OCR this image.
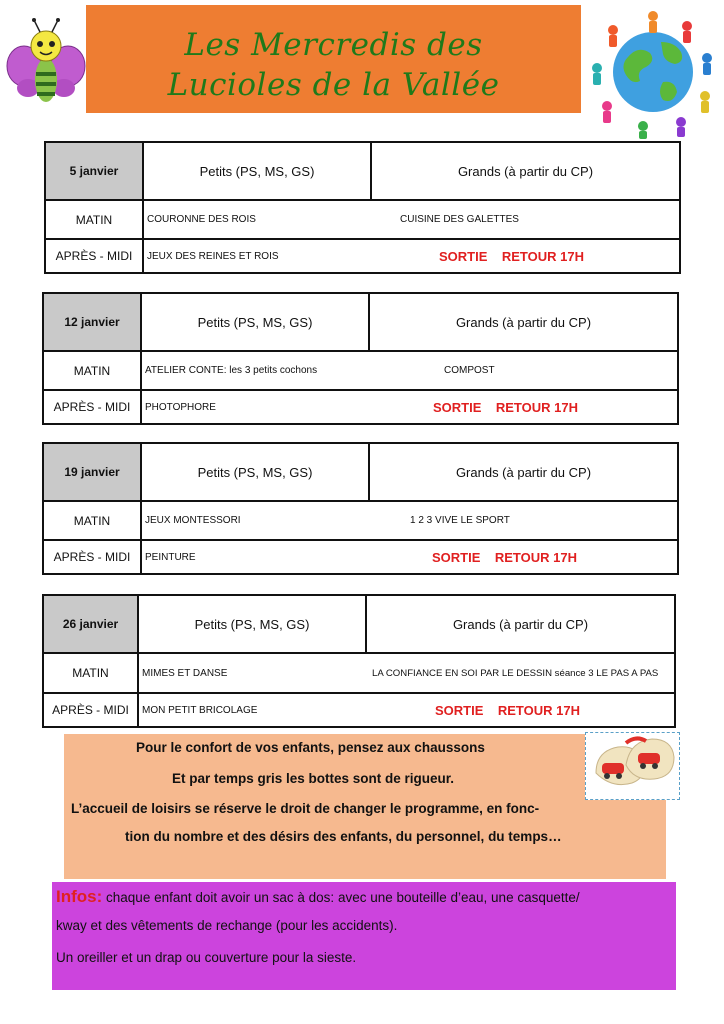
Les Mercredis des
Lucioles de la Vallée
5 janvier	Petits (PS, MS, GS)	Grands (à partir du CP)
MATIN	COURONNE DES ROIS	CUISINE DES GALETTES
APRÈS - MIDI	JEUX DES REINES ET ROIS	SORTIE    RETOUR 17H
12 janvier	Petits (PS, MS, GS)	Grands (à partir du CP)
MATIN	ATELIER CONTE: les 3 petits cochons	COMPOST
APRÈS - MIDI	PHOTOPHORE	SORTIE    RETOUR 17H
19 janvier	Petits (PS, MS, GS)	Grands (à partir du CP)
MATIN	JEUX MONTESSORI	1 2 3 VIVE LE SPORT
APRÈS - MIDI	PEINTURE	SORTIE    RETOUR 17H
26 janvier	Petits (PS, MS, GS)	Grands (à partir du CP)
MATIN	MIMES ET DANSE	LA CONFIANCE EN SOI PAR LE DESSIN séance 3 LE PAS A PAS
APRÈS - MIDI	MON PETIT BRICOLAGE	SORTIE    RETOUR 17H
Pour le confort de vos enfants, pensez aux chaussons
Et par temps gris les bottes sont de rigueur.
L’accueil de loisirs se réserve le droit de changer le programme, en fonc-
tion du nombre et des désirs des enfants, du personnel, du temps…
Infos: chaque enfant doit avoir un sac à dos: avec une bouteille d’eau, une casquette/
kway et des vêtements de rechange (pour les accidents).
Un oreiller et un drap ou couverture pour la sieste.
